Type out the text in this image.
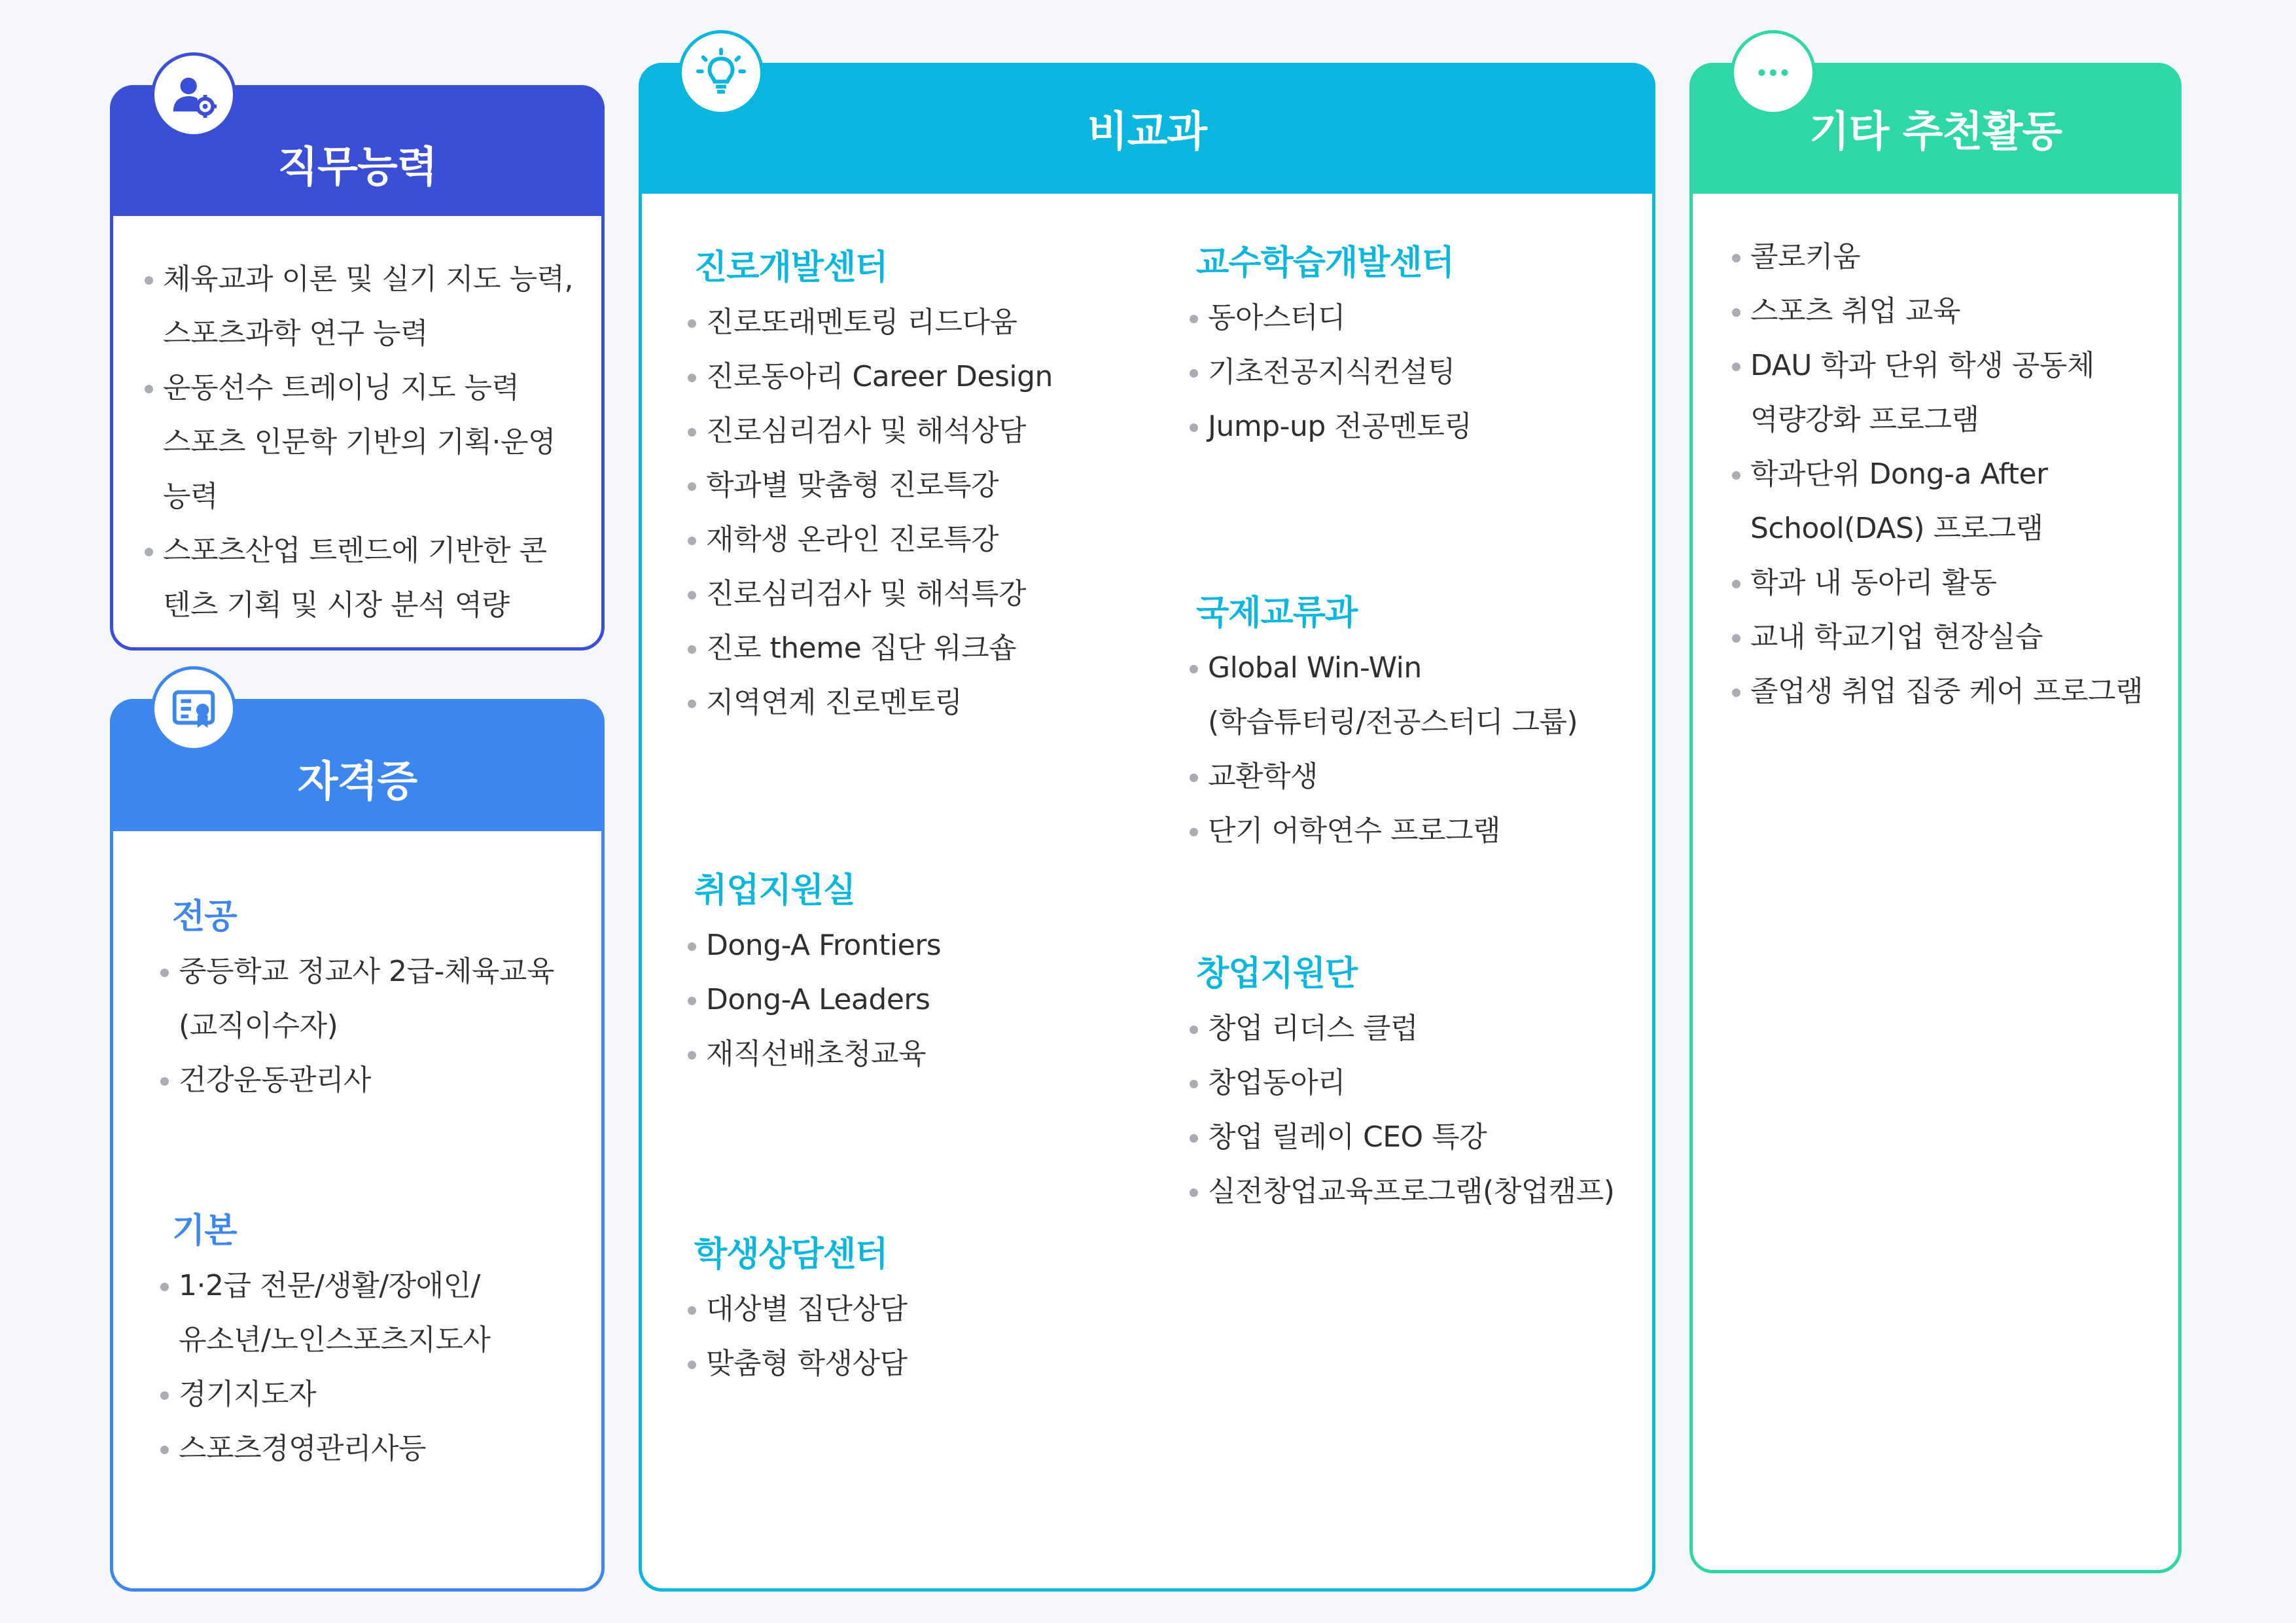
직무능력
체육교과 이론 및 실기 지도 능력,
스포츠과학 연구 능력
운동선수 트레이닝 지도 능력
스포츠 인문학 기반의 기획·운영
능력
스포츠산업 트렌드에 기반한 콘
텐츠 기획 및 시장 분석 역량
자격증
전공
중등학교 정교사 2급-체육교육
(교직이수자)
건강운동관리사
기본
1·2급 전문/생활/장애인/
유소년/노인스포츠지도사
경기지도자
스포츠경영관리사등
비교과
진로개발센터
진로또래멘토링 리드다움
진로동아리 Career Design
진로심리검사 및 해석상담
학과별 맞춤형 진로특강
재학생 온라인 진로특강
진로심리검사 및 해석특강
진로 theme 집단 워크숍
지역연계 진로멘토링
취업지원실
Dong-A Frontiers
Dong-A Leaders
재직선배초청교육
학생상담센터
대상별 집단상담
맞춤형 학생상담
교수학습개발센터
동아스터디
기초전공지식컨설팅
Jump-up 전공멘토링
국제교류과
Global Win-Win
(학습튜터링/전공스터디 그룹)
교환학생
단기 어학연수 프로그램
창업지원단
창업 리더스 클럽
창업동아리
창업 릴레이 CEO 특강
실전창업교육프로그램(창업캠프)
기타 추천활동
콜로키움
스포츠 취업 교육
DAU 학과 단위 학생 공동체
역량강화 프로그램
학과단위 Dong-a After
School(DAS) 프로그램
학과 내 동아리 활동
교내 학교기업 현장실습
졸업생 취업 집중 케어 프로그램
